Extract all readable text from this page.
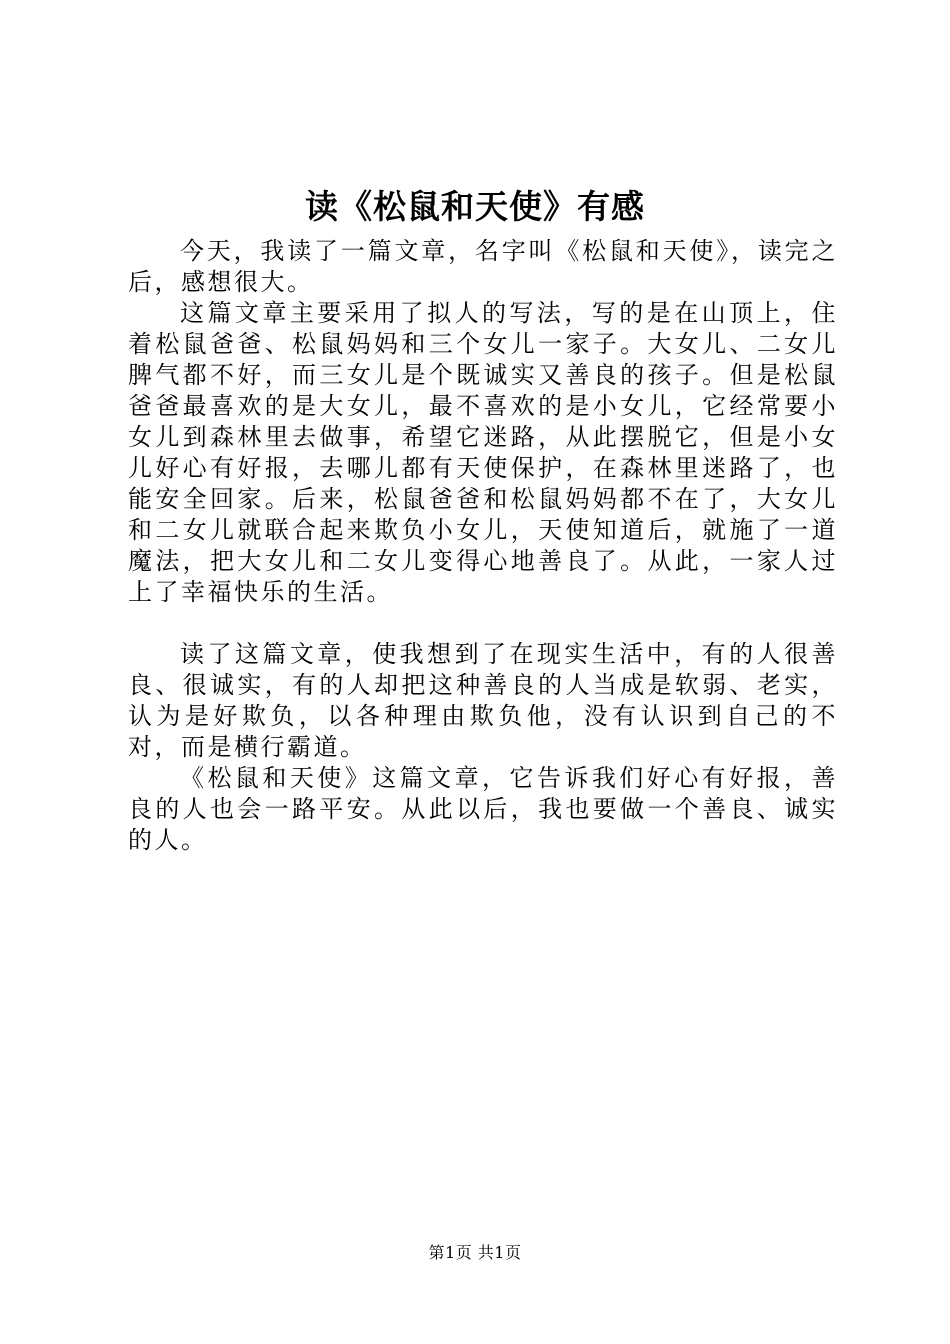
读《松鼠和天使》有感

今天，我读了一篇文章，名字叫《松鼠和天使》，读完之后，感想很大。

这篇文章主要采用了拟人的写法，写的是在山顶上，住着松鼠爸爸、松鼠妈妈和三个女儿一家子。大女儿、二女儿脾气都不好，而三女儿是个既诚实又善良的孩子。但是松鼠爸爸最喜欢的是大女儿，最不喜欢的是小女儿，它经常要小女儿到森林里去做事，希望它迷路，从此摆脱它，但是小女儿好心有好报，去哪儿都有天使保护，在森林里迷路了，也能安全回家。后来，松鼠爸爸和松鼠妈妈都不在了，大女儿和二女儿就联合起来欺负小女儿，天使知道后，就施了一道魔法，把大女儿和二女儿变得心地善良了。从此，一家人过上了幸福快乐的生活。

读了这篇文章，使我想到了在现实生活中，有的人很善良、很诚实，有的人却把这种善良的人当成是软弱、老实，认为是好欺负，以各种理由欺负他，没有认识到自己的不对，而是横行霸道。

《松鼠和天使》这篇文章，它告诉我们好心有好报，善良的人也会一路平安。从此以后，我也要做一个善良、诚实的人。

第1页 共1页
